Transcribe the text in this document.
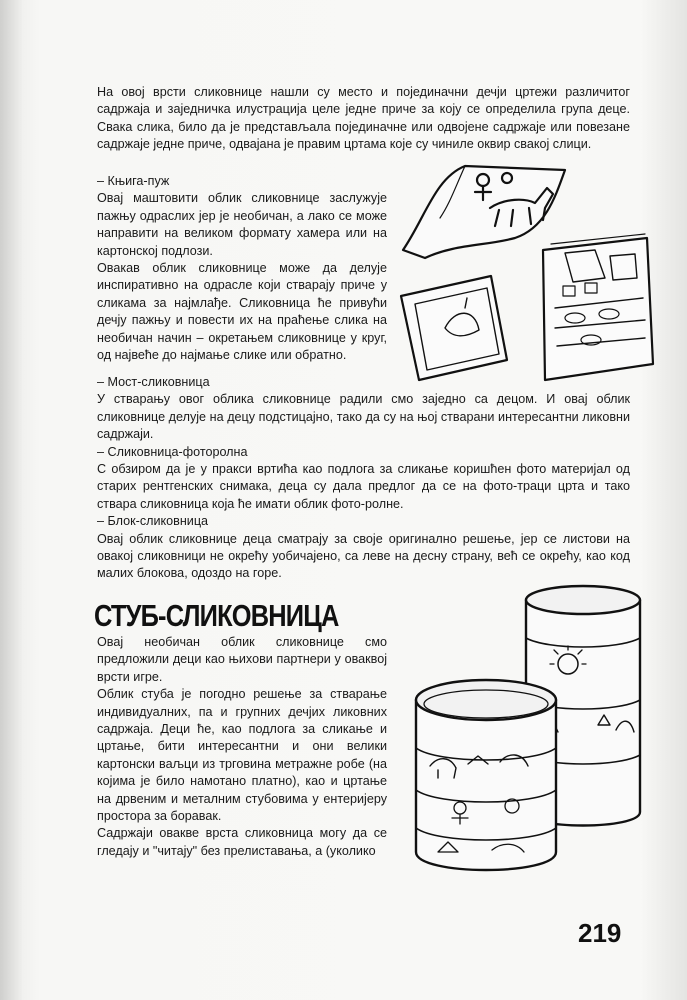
На овој врсти сликовнице нашли су место и појединачни дечји цртежи различитог садржаја и заједничка илустрација целе једне приче за коју се определила група деце. Свака слика, било да је представљала појединачне или одвојене садржаје или повезане садржаје једне приче, одвајана је правим цртама које су чиниле оквир свакој слици.

– Књига-пуж

Овај маштовити облик сликовнице заслужује пажњу одраслих јер је необичан, а лако се може направити на великом формату хамера или на картонској подлози.

Овакав облик сликовнице може да делује инспиративно на одрасле који стварају приче у сликама за најмлађе. Сликовница ће привући дечју пажњу и повести их на праћење слика на необичан начин – окретањем сликовнице у круг, од највеће до најмање слике или обратно.

– Мост-сликовница

У стварању овог облика сликовнице радили смо заједно са децом. И овај облик сликовнице делује на децу подстицајно, тако да су на њој стварани интересантни ликовни садржаји.

– Сликовница-фоторолна

С обзиром да је у пракси вртића као подлога за сликање коришћен фото материјал од старих рентгенских снимака, деца су дала предлог да се на фото-траци црта и тако ствара сликовница која ће имати облик фото-ролне.

– Блок-сликовница

Овај облик сликовнице деца сматрају за своје оригинално решење, јер се листови на овакој сликовници не окрећу уобичајено, са леве на десну страну, већ се окрећу, као код малих блокова, одоздо на горе.

СТУБ-СЛИКОВНИЦА

Овај необичан облик сликовнице смо предложили деци као њихови партнери у оваквој врсти игре.

Облик стуба је погодно решење за стварање индивидуалних, па и групних дечјих ликовних садржаја. Деци ће, као подлога за сликање и цртање, бити интересантни и они велики картонски ваљци из трговина метражне робе (на којима је било намотано платно), као и цртање на дрвеним и металним стубовима у ентеријеру простора за боравак.

Садржаји овакве врста сликовница могу да се гледају и "читају" без прелиставања, а (уколико

219
